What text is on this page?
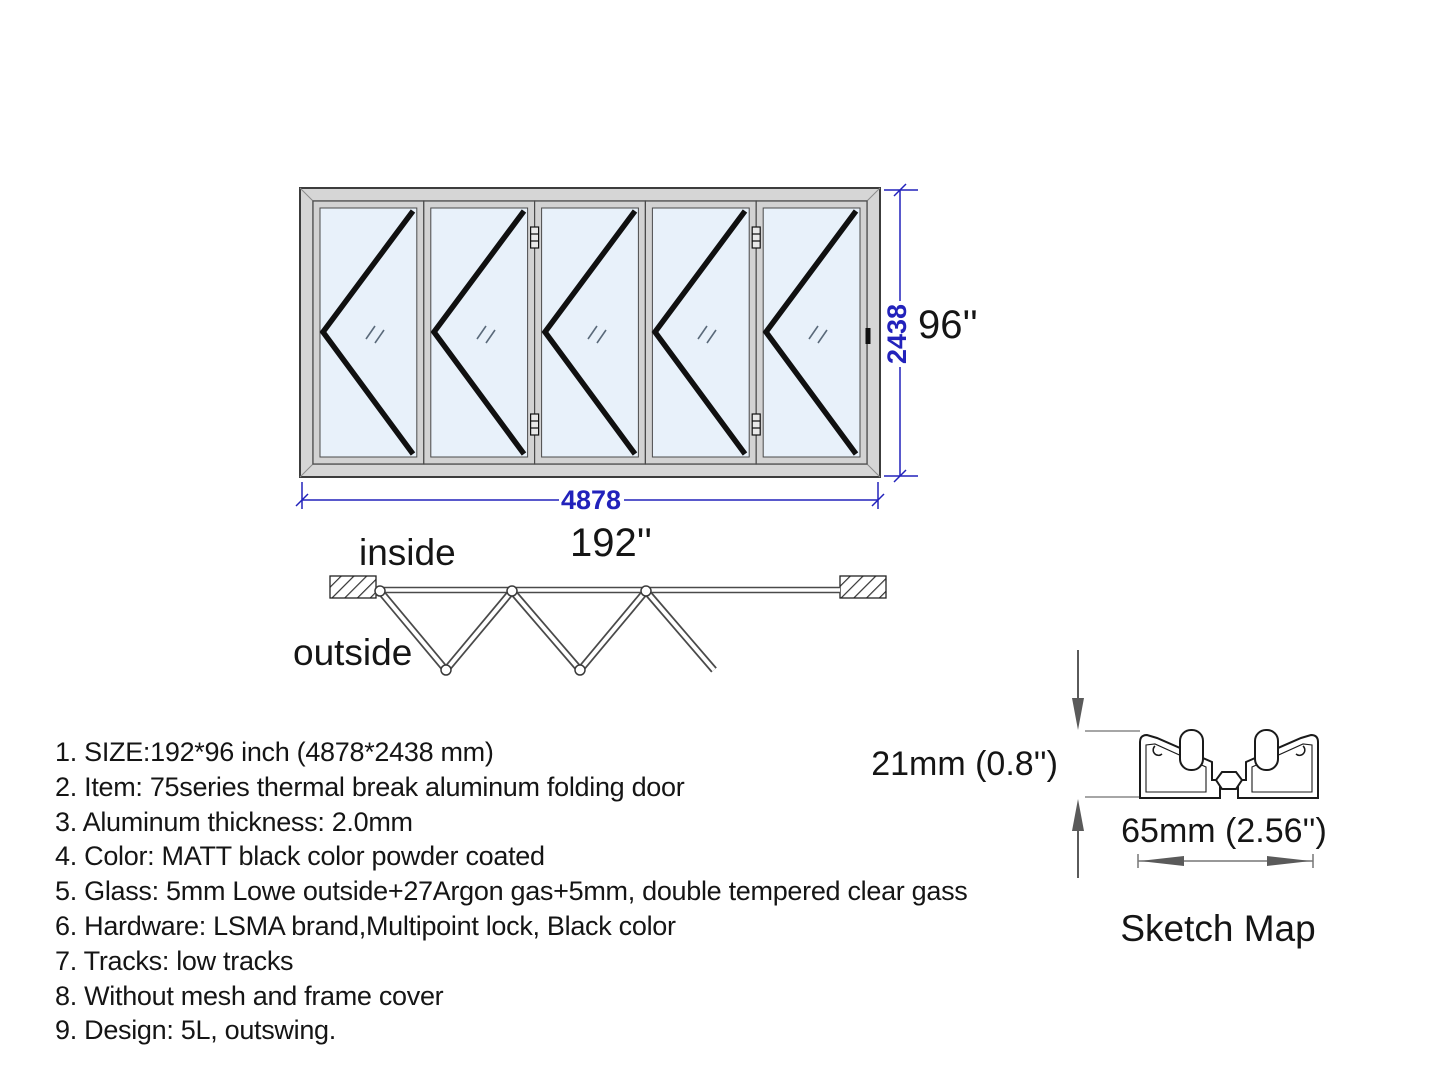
2438 96''
4878
192''
inside
outside
21mm (0.8'')
65mm (2.56'')
Sketch Map

1. SIZE:192*96 inch (4878*2438 mm)

2. Item: 75series thermal break aluminum folding door

3. Aluminum thickness: 2.0mm

4. Color: MATT black color powder coated

5. Glass: 5mm Lowe outside+27Argon gas+5mm, double tempered clear gass

6. Hardware: LSMA brand,Multipoint lock, Black color

7. Tracks: low tracks

8. Without mesh and frame cover

9. Design: 5L, outswing.
